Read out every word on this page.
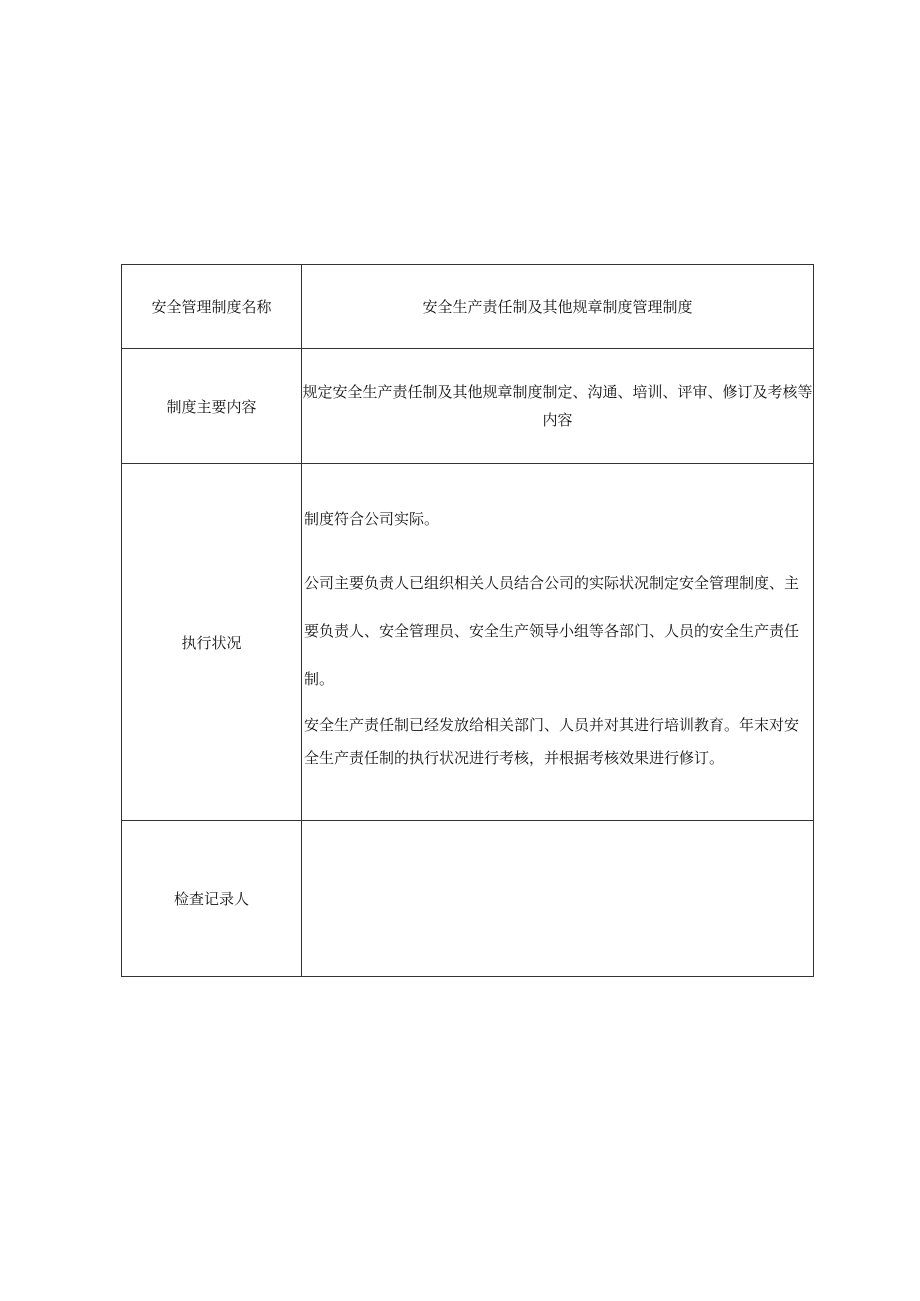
安全管理制度名称	安全生产责任制及其他规章制度管理制度
制度主要内容	规定安全生产责任制及其他规章制度制定、沟通、培训、评审、修订及考核等内容
执行状况	制度符合公司实际。

公司主要负责人已组织相关人员结合公司的实际状况制定安全管理制度、主要负责人、安全管理员、安全生产领导小组等各部门、人员的安全生产责任制。

安全生产责任制已经发放给相关部门、人员并对其进行培训教育。年末对安全生产责任制的执行状况进行考核，并根据考核效果进行修订。

检查记录人	
